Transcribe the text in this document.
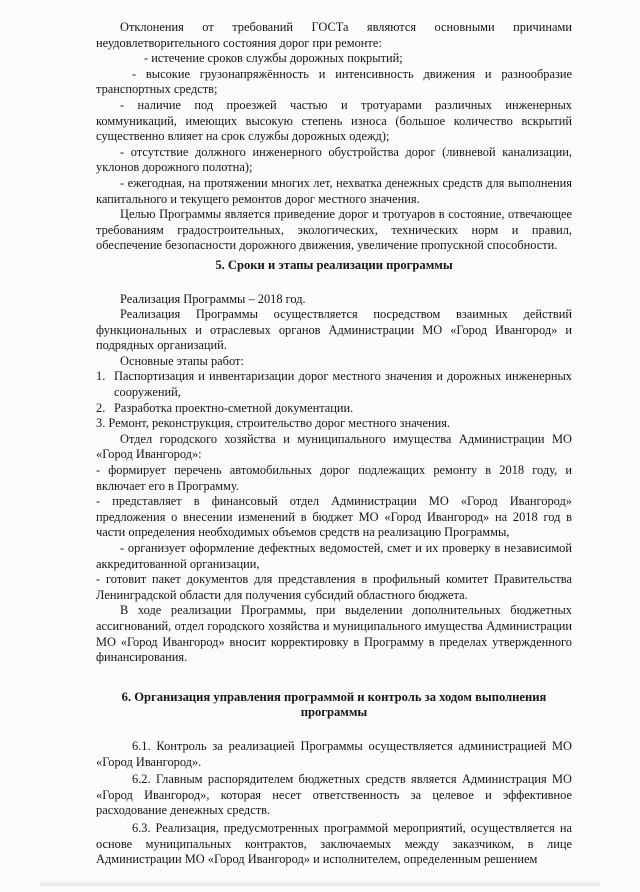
Отклонения от требований ГОСТа являются основными причинами неудовлетворительного состояния дорог при ремонте:

- истечение сроков службы дорожных покрытий;

- высокие грузонапряжённость и интенсивность движения и разнообразие транспортных средств;

- наличие под проезжей частью и тротуарами различных инженерных коммуникаций, имеющих высокую степень износа (большое количество вскрытий существенно влияет на срок службы дорожных одежд);

- отсутствие должного инженерного обустройства дорог (ливневой канализации, уклонов дорожного полотна);

- ежегодная, на протяжении многих лет, нехватка денежных средств для выполнения капитального и текущего ремонтов дорог местного значения.

Целью Программы является приведение дорог и тротуаров в состояние, отвечающее требованиям градостроительных, экологических, технических норм и правил, обеспечение безопасности дорожного движения, увеличение пропускной способности.

5. Сроки и этапы реализации программы

Реализация Программы – 2018 год.

Реализация Программы осуществляется посредством взаимных действий функциональных и отраслевых органов Администрации МО «Город Ивангород» и подрядных организаций.

Основные этапы работ:

1. Паспортизация и инвентаризации дорог местного значения и дорожных инженерных сооружений,
2. Разработка проектно-сметной документации.

3. Ремонт, реконструкция, строительство дорог местного значения.

Отдел городского хозяйства и муниципального имущества Администрации МО «Город Ивангород»:

- формирует перечень автомобильных дорог подлежащих ремонту в 2018 году, и включает его в Программу.

- представляет в финансовый отдел Администрации МО «Город Ивангород» предложения о внесении изменений в бюджет МО «Город Ивангород» на 2018 год в части определения необходимых объемов средств на реализацию Программы,

- организует оформление дефектных ведомостей, смет и их проверку в независимой аккредитованной организации,

- готовит пакет документов для представления в профильный комитет Правительства Ленинградской области для получения субсидий областного бюджета.

В ходе реализации Программы, при выделении дополнительных бюджетных ассигнований, отдел городского хозяйства и муниципального имущества Администрации МО «Город Ивангород» вносит корректировку в Программу в пределах утвержденного финансирования.

6. Организация управления программой и контроль за ходом выполнения программы

6.1. Контроль за реализацией Программы осуществляется администрацией МО «Город Ивангород».

6.2. Главным распорядителем бюджетных средств является Администрация МО «Город Ивангород», которая несет ответственность за целевое и эффективное расходование денежных средств.

6.3. Реализация, предусмотренных программой мероприятий, осуществляется на основе муниципальных контрактов, заключаемых между заказчиком, в лице Администрации МО «Город Ивангород» и исполнителем, определенным решением
